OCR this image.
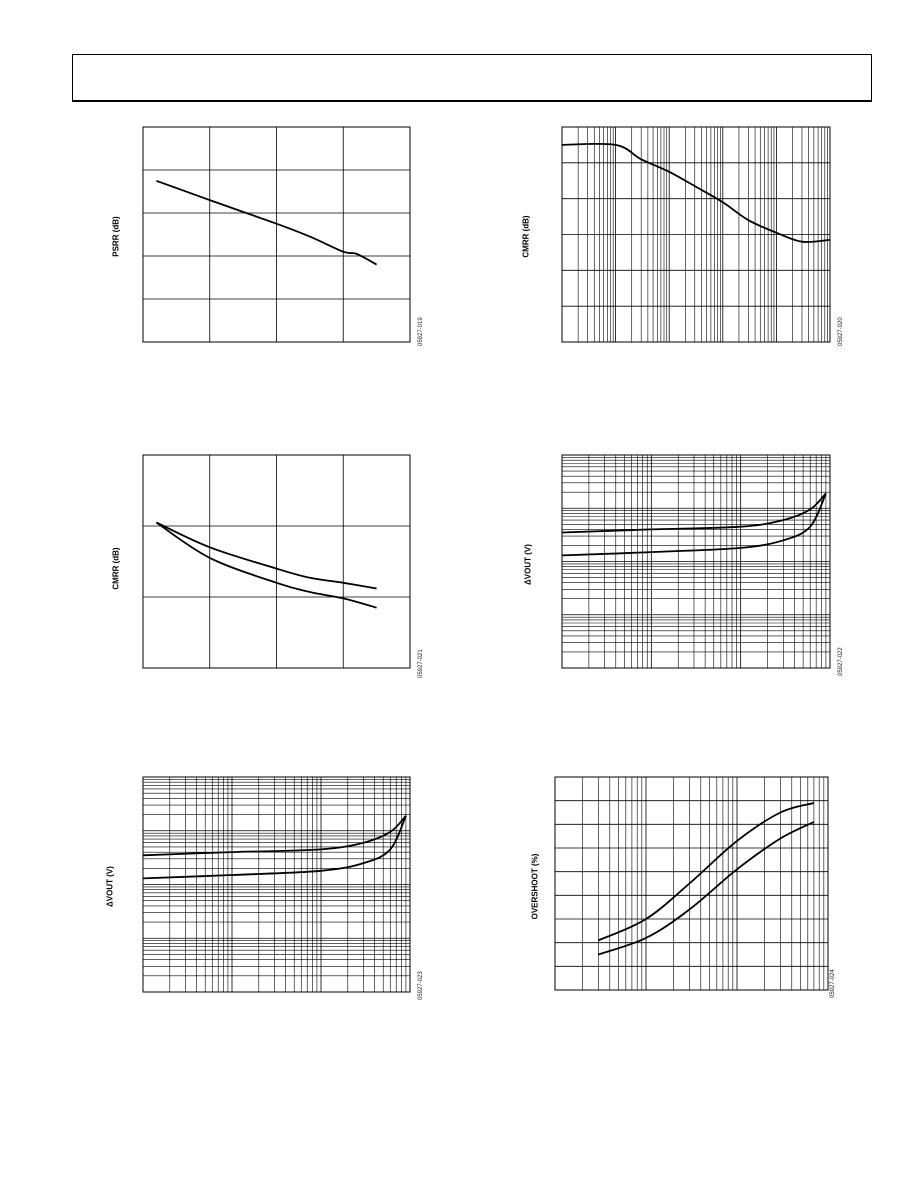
PSRR (dB)
05927-019
CMRR (dB)
05927-020
CMRR (dB)
05927-021
ΔVOUT (V)
05927-022
ΔVOUT (V)
05927-023
OVERSHOOT (%)
05927-024
